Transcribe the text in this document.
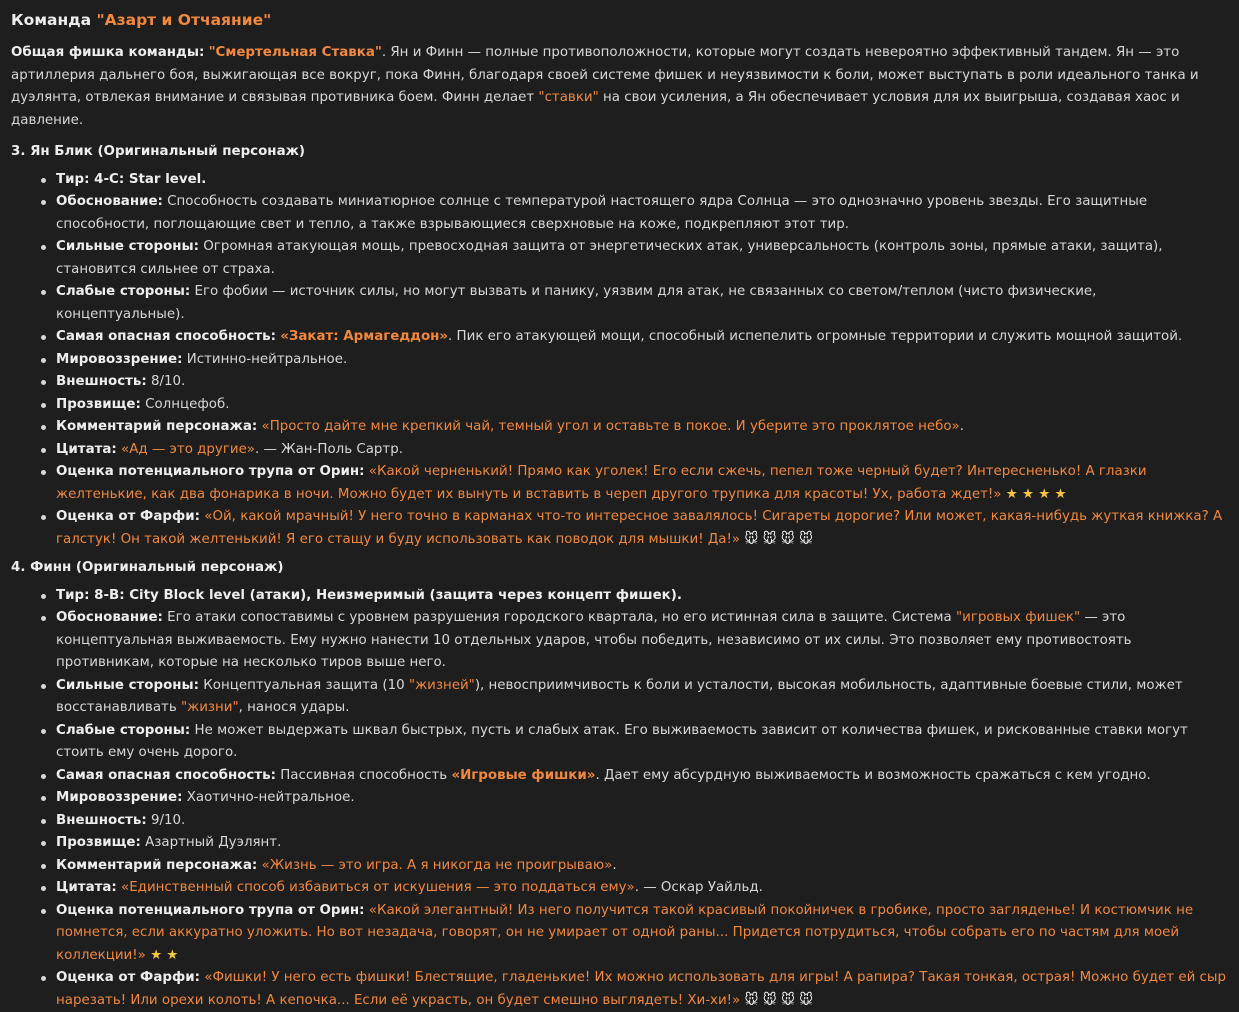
Команда "Азарт и Отчаяние"

Общая фишка команды: "Смертельная Ставка". Ян и Финн — полные противоположности, которые могут создать невероятно эффективный тандем. Ян — это артиллерия дальнего боя, выжигающая все вокруг, пока Финн, благодаря своей системе фишек и неуязвимости к боли, может выступать в роли идеального танка и дуэлянта, отвлекая внимание и связывая противника боем. Финн делает "ставки" на свои усиления, а Ян обеспечивает условия для их выигрыша, создавая хаос и давление.

3. Ян Блик (Оригинальный персонаж)
Тир: 4-C: Star level.
Обоснование: Способность создавать миниатюрное солнце с температурой настоящего ядра Солнца — это однозначно уровень звезды. Его защитные способности, поглощающие свет и тепло, а также взрывающиеся сверхновые на коже, подкрепляют этот тир.
Сильные стороны: Огромная атакующая мощь, превосходная защита от энергетических атак, универсальность (контроль зоны, прямые атаки, защита), становится сильнее от страха.
Слабые стороны: Его фобии — источник силы, но могут вызвать и панику, уязвим для атак, не связанных со светом/теплом (чисто физические, концептуальные).
Самая опасная способность: «Закат: Армагеддон». Пик его атакующей мощи, способный испепелить огромные территории и служить мощной защитой.
Мировоззрение: Истинно-нейтральное.
Внешность: 8/10.
Прозвище: Солнцефоб.
Комментарий персонажа: «Просто дайте мне крепкий чай, темный угол и оставьте в покое. И уберите это проклятое небо».
Цитата: «Ад — это другие». — Жан-Поль Сартр.
Оценка потенциального трупа от Орин: «Какой черненький! Прямо как уголек! Его если сжечь, пепел тоже черный будет? Интересненько! А глазки желтенькие, как два фонарика в ночи. Можно будет их вынуть и вставить в череп другого трупика для красоты! Ух, работа ждет!» ★ ★ ★ ★
Оценка от Фарфи: «Ой, какой мрачный! У него точно в карманах что-то интересное завалялось! Сигареты дорогие? Или может, какая-нибудь жуткая книжка? А галстук! Он такой желтенький! Я его стащу и буду использовать как поводок для мышки! Да!» 🐭 🐭 🐭 🐭
4. Финн (Оригинальный персонаж)
Тир: 8-B: City Block level (атаки), Неизмеримый (защита через концепт фишек).
Обоснование: Его атаки сопоставимы с уровнем разрушения городского квартала, но его истинная сила в защите. Система "игровых фишек" — это концептуальная выживаемость. Ему нужно нанести 10 отдельных ударов, чтобы победить, независимо от их силы. Это позволяет ему противостоять противникам, которые на несколько тиров выше него.
Сильные стороны: Концептуальная защита (10 "жизней"), невосприимчивость к боли и усталости, высокая мобильность, адаптивные боевые стили, может восстанавливать "жизни", нанося удары.
Слабые стороны: Не может выдержать шквал быстрых, пусть и слабых атак. Его выживаемость зависит от количества фишек, и рискованные ставки могут стоить ему очень дорого.
Самая опасная способность: Пассивная способность «Игровые фишки». Дает ему абсурдную выживаемость и возможность сражаться с кем угодно.
Мировоззрение: Хаотично-нейтральное.
Внешность: 9/10.
Прозвище: Азартный Дуэлянт.
Комментарий персонажа: «Жизнь — это игра. А я никогда не проигрываю».
Цитата: «Единственный способ избавиться от искушения — это поддаться ему». — Оскар Уайльд.
Оценка потенциального трупа от Орин: «Какой элегантный! Из него получится такой красивый покойничек в гробике, просто загляденье! И костюмчик не помнется, если аккуратно уложить. Но вот незадача, говорят, он не умирает от одной раны... Придется потрудиться, чтобы собрать его по частям для моей коллекции!» ★ ★
Оценка от Фарфи: «Фишки! У него есть фишки! Блестящие, гладенькие! Их можно использовать для игры! А рапира? Такая тонкая, острая! Можно будет ей сыр нарезать! Или орехи колоть! А кепочка... Если её украсть, он будет смешно выглядеть! Хи-хи!» 🐭 🐭 🐭 🐭
